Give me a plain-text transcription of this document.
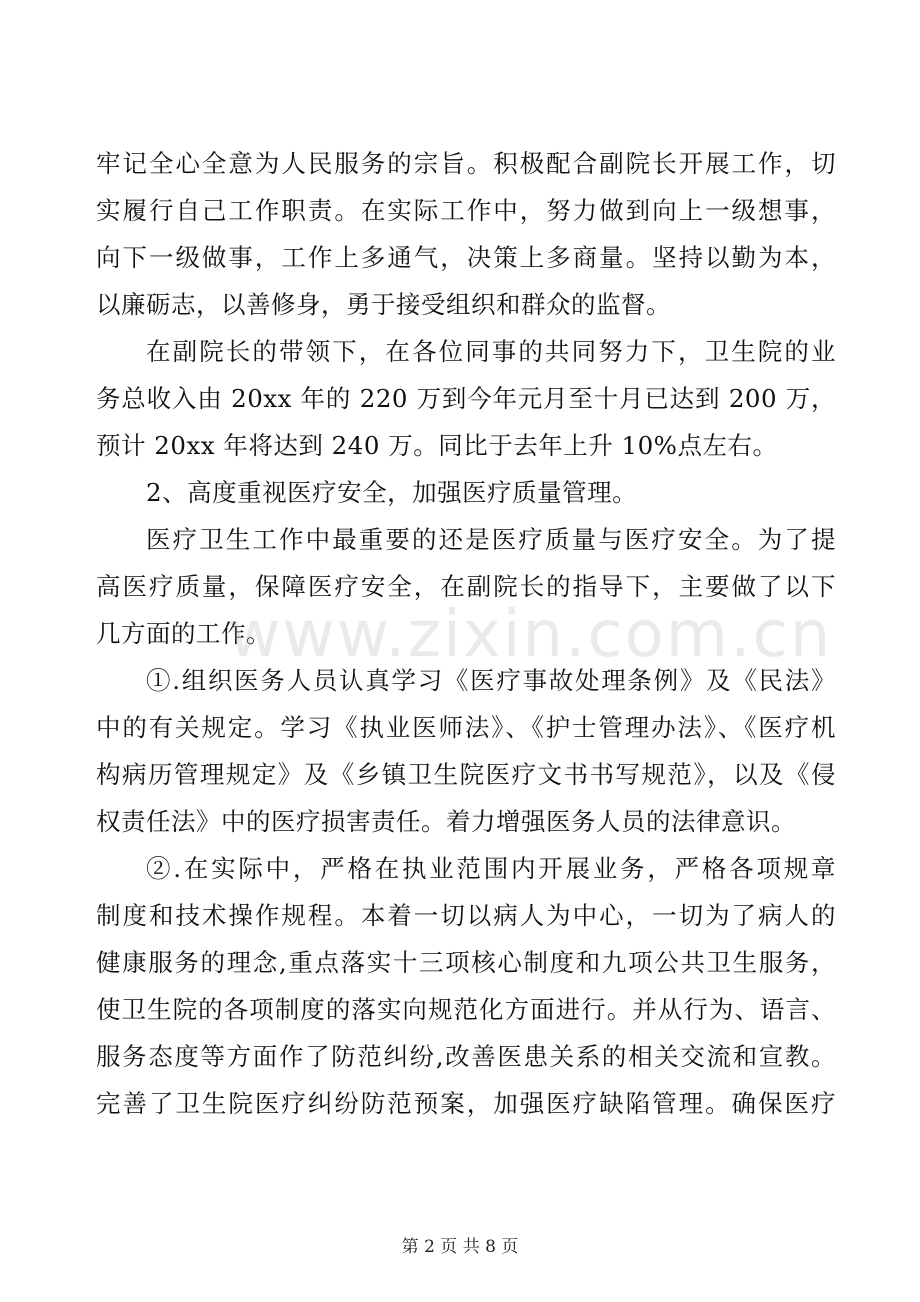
牢记全心全意为人民服务的宗旨。积极配合副院长开展工作，切
实履行自己工作职责。在实际工作中，努力做到向上一级想事，
向下一级做事，工作上多通气，决策上多商量。坚持以勤为本，
以廉砺志，以善修身，勇于接受组织和群众的监督。
在副院长的带领下，在各位同事的共同努力下，卫生院的业
务总收入由 20xx 年的 220 万到今年元月至十月已达到 200 万，
预计 20xx 年将达到 240 万。同比于去年上升 10%点左右。
2、高度重视医疗安全，加强医疗质量管理。
医疗卫生工作中最重要的还是医疗质量与医疗安全。为了提
高医疗质量，保障医疗安全，在副院长的指导下，主要做了以下
几方面的工作。
①.组织医务人员认真学习《医疗事故处理条例》及《民法》
中的有关规定。学习《执业医师法》、《护士管理办法》、《医疗机
构病历管理规定》及《乡镇卫生院医疗文书书写规范》，以及《侵
权责任法》中的医疗损害责任。着力增强医务人员的法律意识。
②.在实际中，严格在执业范围内开展业务，严格各项规章
制度和技术操作规程。本着一切以病人为中心，一切为了病人的
健康服务的理念,重点落实十三项核心制度和九项公共卫生服务，
使卫生院的各项制度的落实向规范化方面进行。并从行为、语言、
服务态度等方面作了防范纠纷,改善医患关系的相关交流和宣教。
完善了卫生院医疗纠纷防范预案，加强医疗缺陷管理。确保医疗
www.zixin.com.cn
第 2 页 共 8 页
